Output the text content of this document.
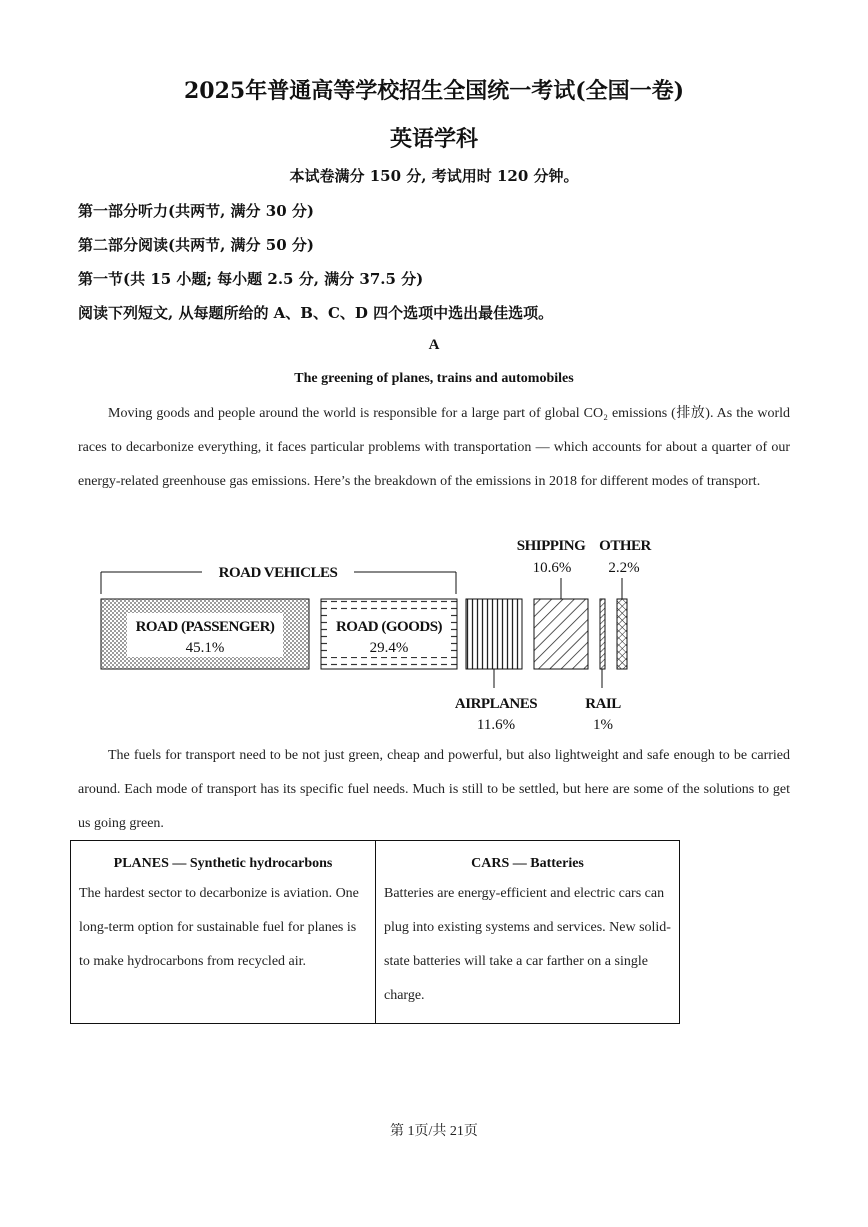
2025年普通高等学校招生全国统一考试(全国一卷)
英语学科
本试卷满分 150 分, 考试用时 120 分钟。
第一部分听力(共两节, 满分 30 分)
第二部分阅读(共两节, 满分 50 分)
第一节(共 15 小题; 每小题 2.5 分, 满分 37.5 分)
阅读下列短文, 从每题所给的 A、B、C、D 四个选项中选出最佳选项。
A
The greening of planes, trains and automobiles
Moving goods and people around the world is responsible for a large part of global CO₂ emissions (排放). As the world races to decarbonize everything, it faces particular problems with transportation — which accounts for about a quarter of our energy-related greenhouse gas emissions. Here’s the breakdown of the emissions in 2018 for different modes of transport.
ROAD VEHICLES
ROAD (PASSENGER)
45.1%
ROAD (GOODS)
29.4%
AIRPLANES
11.6%
SHIPPING
10.6%
RAIL
1%
OTHER
2.2%
The fuels for transport need to be not just green, cheap and powerful, but also lightweight and safe enough to be carried around. Each mode of transport has its specific fuel needs. Much is still to be settled, but here are some of the solutions to get us going green.
PLANES — Synthetic hydrocarbons
The hardest sector to decarbonize is aviation. One long-term option for sustainable fuel for planes is to make hydrocarbons from recycled air.
CARS — Batteries
Batteries are energy-efficient and electric cars can plug into existing systems and services. New solid-state batteries will take a car farther on a single charge.
第 1页/共 21页
